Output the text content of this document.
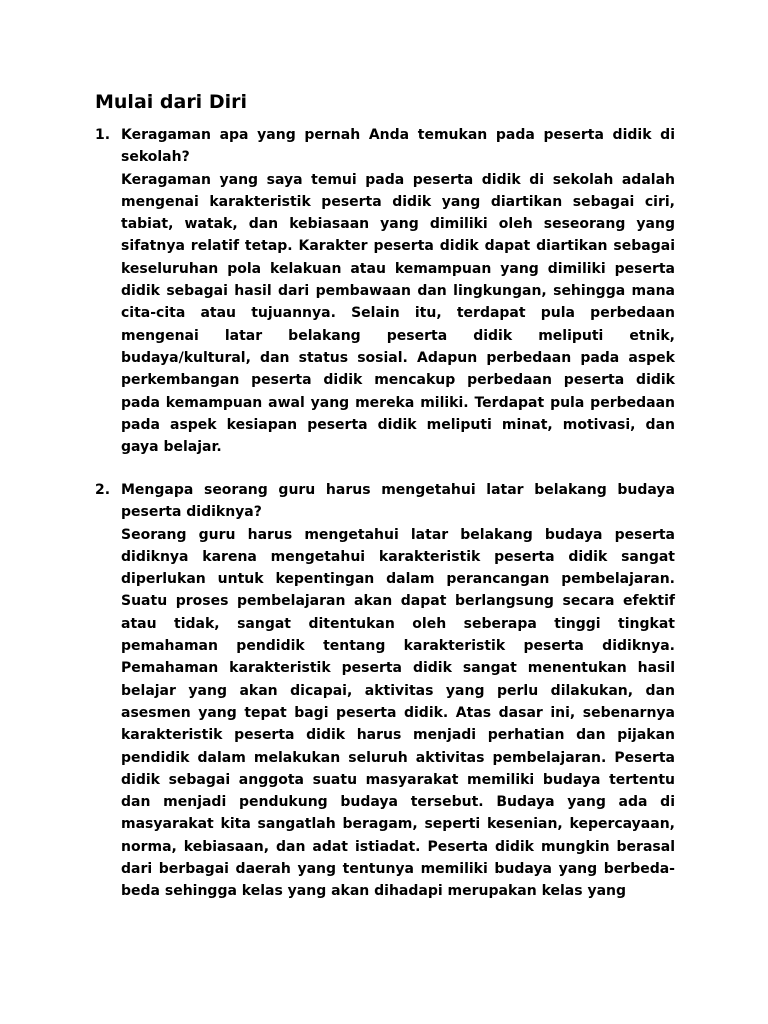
Mulai dari Diri
1. Keragaman apa yang pernah Anda temukan pada peserta didik di sekolah?

Keragaman yang saya temui pada peserta didik di sekolah adalah mengenai karakteristik peserta didik yang diartikan sebagai ciri, tabiat, watak, dan kebiasaan yang dimiliki oleh seseorang yang sifatnya relatif tetap. Karakter peserta didik dapat diartikan sebagai keseluruhan pola kelakuan atau kemampuan yang dimiliki peserta didik sebagai hasil dari pembawaan dan lingkungan, sehingga mana cita-cita atau tujuannya. Selain itu, terdapat pula perbedaan mengenai latar belakang peserta didik meliputi etnik, budaya/kultural, dan status sosial. Adapun perbedaan pada aspek perkembangan peserta didik mencakup perbedaan peserta didik pada kemampuan awal yang mereka miliki. Terdapat pula perbedaan pada aspek kesiapan peserta didik meliputi minat, motivasi, dan gaya belajar.

2. Mengapa seorang guru harus mengetahui latar belakang budaya peserta didiknya?

Seorang guru harus mengetahui latar belakang budaya peserta didiknya karena mengetahui karakteristik peserta didik sangat diperlukan untuk kepentingan dalam perancangan pembelajaran. Suatu proses pembelajaran akan dapat berlangsung secara efektif atau tidak, sangat ditentukan oleh seberapa tinggi tingkat pemahaman pendidik tentang karakteristik peserta didiknya. Pemahaman karakteristik peserta didik sangat menentukan hasil belajar yang akan dicapai, aktivitas yang perlu dilakukan, dan asesmen yang tepat bagi peserta didik. Atas dasar ini, sebenarnya karakteristik peserta didik harus menjadi perhatian dan pijakan pendidik dalam melakukan seluruh aktivitas pembelajaran. Peserta didik sebagai anggota suatu masyarakat memiliki budaya tertentu dan menjadi pendukung budaya tersebut. Budaya yang ada di masyarakat kita sangatlah beragam, seperti kesenian, kepercayaan, norma, kebiasaan, dan adat istiadat. Peserta didik mungkin berasal dari berbagai daerah yang tentunya memiliki budaya yang berbeda-beda sehingga kelas yang akan dihadapi merupakan kelas yang
